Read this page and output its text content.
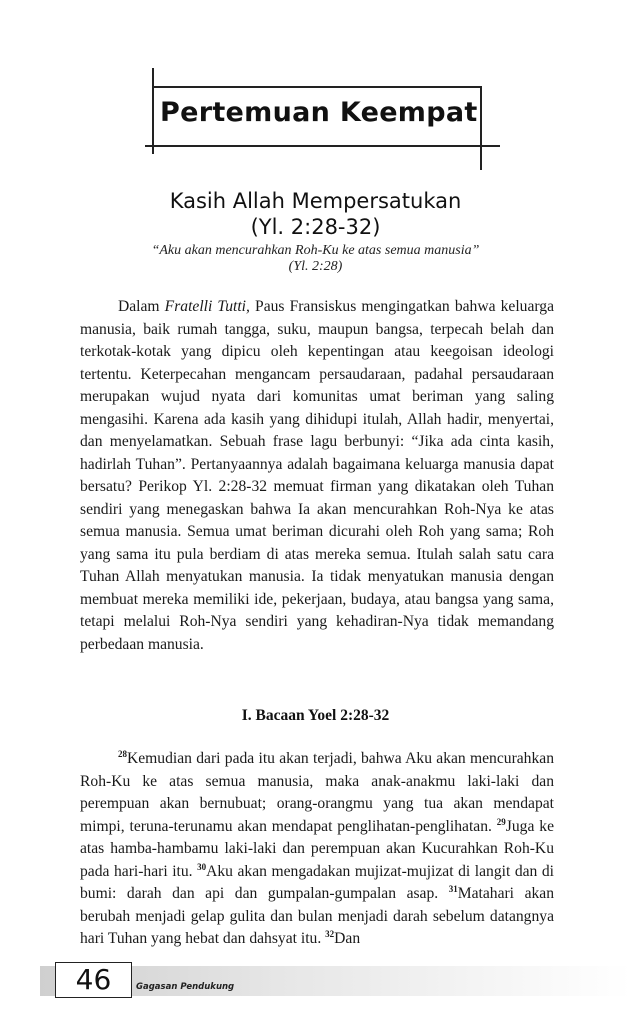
Pertemuan Keempat
Kasih Allah Mempersatukan
(Yl. 2:28-32)
“Aku akan mencurahkan Roh-Ku ke atas semua manusia”
(Yl. 2:28)

Dalam Fratelli Tutti, Paus Fransiskus mengingatkan bahwa keluarga manusia, baik rumah tangga, suku, maupun bangsa, terpecah belah dan terkotak-kotak yang dipicu oleh kepentingan atau keegoisan ideologi tertentu. Keterpecahan mengancam persaudaraan, padahal persaudaraan merupakan wujud nyata dari komunitas umat beriman yang saling mengasihi. Karena ada kasih yang dihidupi itulah, Allah hadir, menyertai, dan menyelamatkan. Sebuah frase lagu berbunyi: “Jika ada cinta kasih, hadirlah Tuhan”. Pertanyaannya adalah bagaimana keluarga manusia dapat bersatu? Perikop Yl. 2:28-32 memuat firman yang dikatakan oleh Tuhan sendiri yang menegaskan bahwa Ia akan mencurahkan Roh-Nya ke atas semua manusia. Semua umat beriman dicurahi oleh Roh yang sama; Roh yang sama itu pula berdiam di atas mereka semua. Itulah salah satu cara Tuhan Allah menyatukan manusia. Ia tidak menyatukan manusia dengan membuat mereka memiliki ide, pekerjaan, budaya, atau bangsa yang sama, tetapi melalui Roh-Nya sendiri yang kehadiran-Nya tidak memandang perbedaan manusia.

I. Bacaan Yoel 2:28-32

$^{28}$Kemudian dari pada itu akan terjadi, bahwa Aku akan mencurahkan Roh-Ku ke atas semua manusia, maka anak-anakmu laki-laki dan perempuan akan bernubuat; orang-orangmu yang tua akan mendapat mimpi, teruna-terunamu akan mendapat penglihatan-penglihatan. $^{29}$Juga ke atas hamba-hambamu laki-laki dan perempuan akan Kucurahkan Roh-Ku pada hari-hari itu. $^{30}$Aku akan mengadakan mujizat-mujizat di langit dan di bumi: darah dan api dan gumpalan-gumpalan asap. $^{31}$Matahari akan berubah menjadi gelap gulita dan bulan menjadi darah sebelum datangnya hari Tuhan yang hebat dan dahsyat itu. $^{32}$Dan

46	Gagasan Pendukung
